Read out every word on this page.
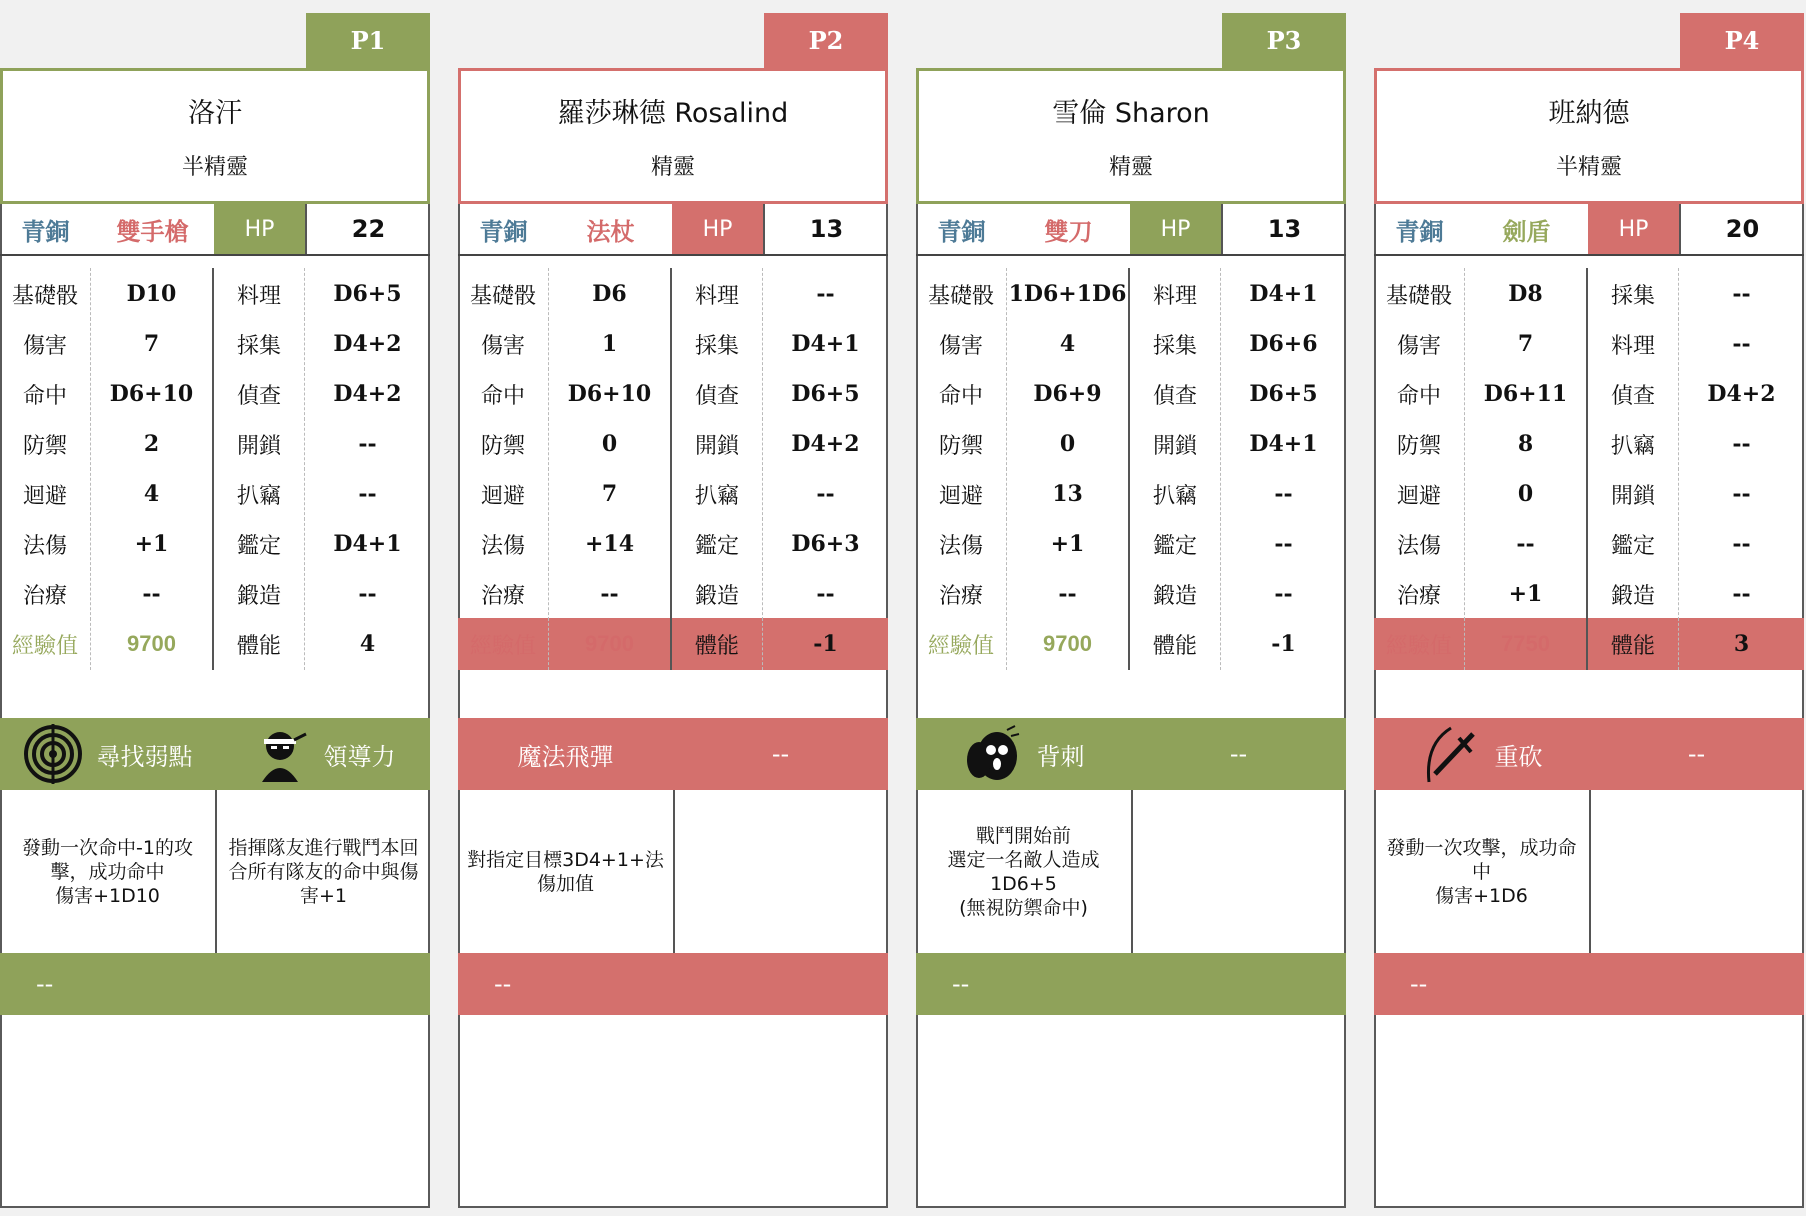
P1
洛汗
半精靈
青銅	雙手槍	HP	22
基礎骰	D10	料理	D6+5
傷害	7	採集	D4+2
命中	D6+10	偵查	D4+2
防禦	2	開鎖	--
迴避	4	扒竊	--
法傷	+1	鑑定	D4+1
治療	--	鍛造	--
經驗值	9700	體能	4
尋找弱點	領導力
發動一次命中-1的攻擊，成功命中
傷害+1D10
指揮隊友進行戰鬥本回合所有隊友的命中與傷害+1
--
P2
羅莎琳德 Rosalind
精靈
青銅	法杖	HP	13
基礎骰	D6	料理	--
傷害	1	採集	D4+1
命中	D6+10	偵查	D6+5
防禦	0	開鎖	D4+2
迴避	7	扒竊	--
法傷	+14	鑑定	D6+3
治療	--	鍛造	--
經驗值	9700	體能	-1
魔法飛彈	--
對指定目標3D4+1+法傷加值
--
P3
雪倫 Sharon
精靈
青銅	雙刀	HP	13
基礎骰 1D6+1D6	料理	D4+1
傷害	4	採集	D6+6
命中	D6+9	偵查	D6+5
防禦	0	開鎖	D4+1
迴避	13	扒竊	--
法傷	+1	鑑定	--
治療	--	鍛造	--
經驗值	9700	體能	-1
背刺	--
戰鬥開始前
選定一名敵人造成
1D6+5
(無視防禦命中)
--
P4
班納德
半精靈
青銅	劍盾	HP	20
基礎骰	D8	採集	--
傷害	7	料理	--
命中	D6+11	偵查	D4+2
防禦	8	扒竊	--
迴避	0	開鎖	--
法傷	--	鑑定	--
治療	+1	鍛造	--
經驗值	7750	體能	3
重砍	--
發動一次攻擊，成功命中
傷害+1D6
--
